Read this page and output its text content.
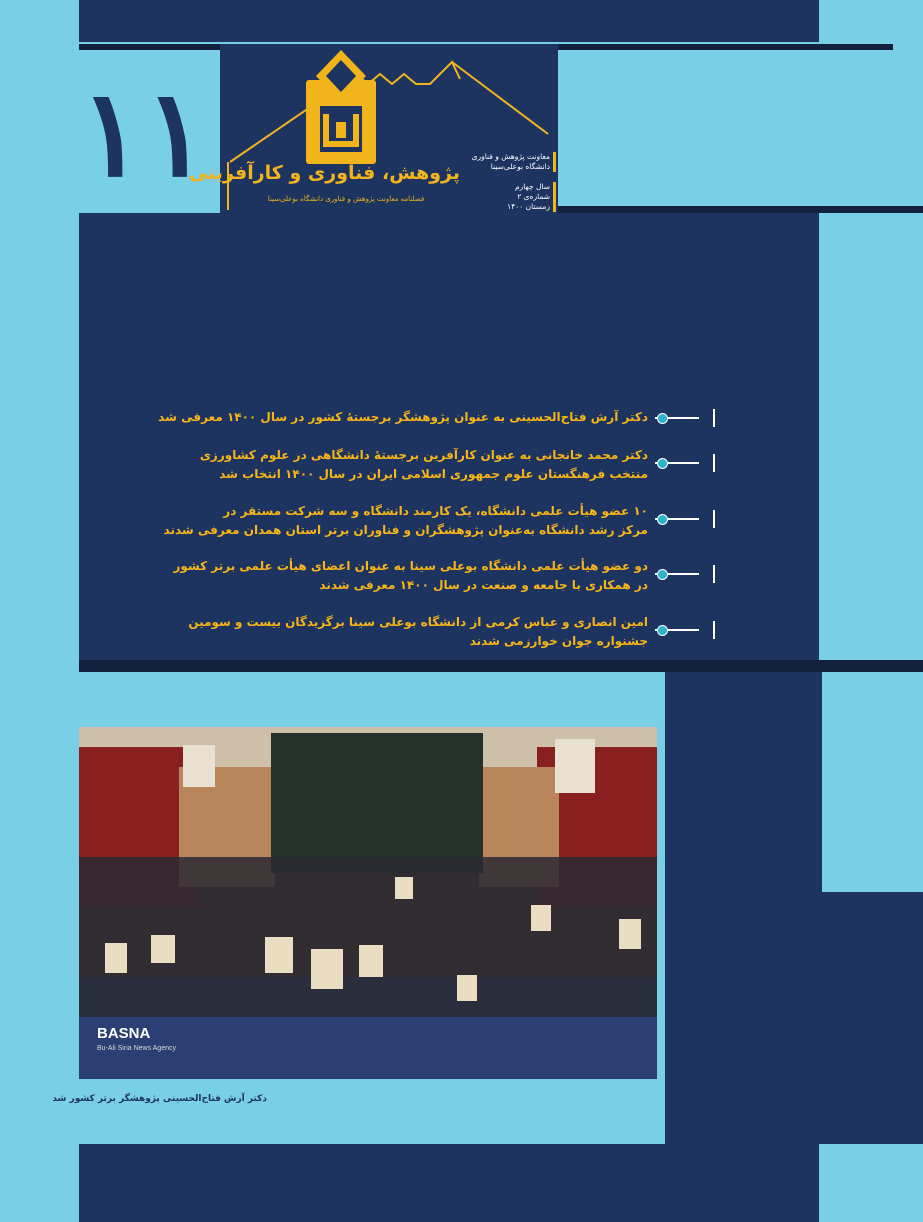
۱۱	معاونت پژوهش و فناوری
دانشگاه بوعلی‌سینا
سال چهارم
شماره‌ی ۲
زمستان ۱۴۰۰
پژوهش، فناوری و کارآفرینی
فصلنامه معاونت پژوهش و فناوری دانشگاه بوعلی‌سینا
دکتر آرش فتاح‌الحسینی به عنوان پژوهشگر برجستهٔ کشور در سال ۱۴۰۰ معرفی شد
دکتر محمد خانجانی به عنوان کارآفرین برجستهٔ دانشگاهی در علوم کشاورزی
منتخب فرهنگستان علوم جمهوری اسلامی ایران در سال ۱۴۰۰ انتخاب شد
۱۰ عضو هیأت علمی دانشگاه، یک کارمند دانشگاه و سه شرکت مستقر در
مرکز رشد دانشگاه به‌عنوان پژوهشگران و فناوران برتر استان همدان معرفی شدند
دو عضو هیأت علمی دانشگاه بوعلی سینا به عنوان اعضای هیأت علمی برتر کشور
در همکاری با جامعه و صنعت در سال ۱۴۰۰ معرفی شدند
امین انصاری و عباس کرمی از دانشگاه بوعلی سینا برگزیدگان بیست و سومین
جشنواره جوان خوارزمی شدند
BASNA
Bu-Ali Sina News Agency
دکتر آرش فتاح‌الحسینی پژوهشگر برتر کشور شد
